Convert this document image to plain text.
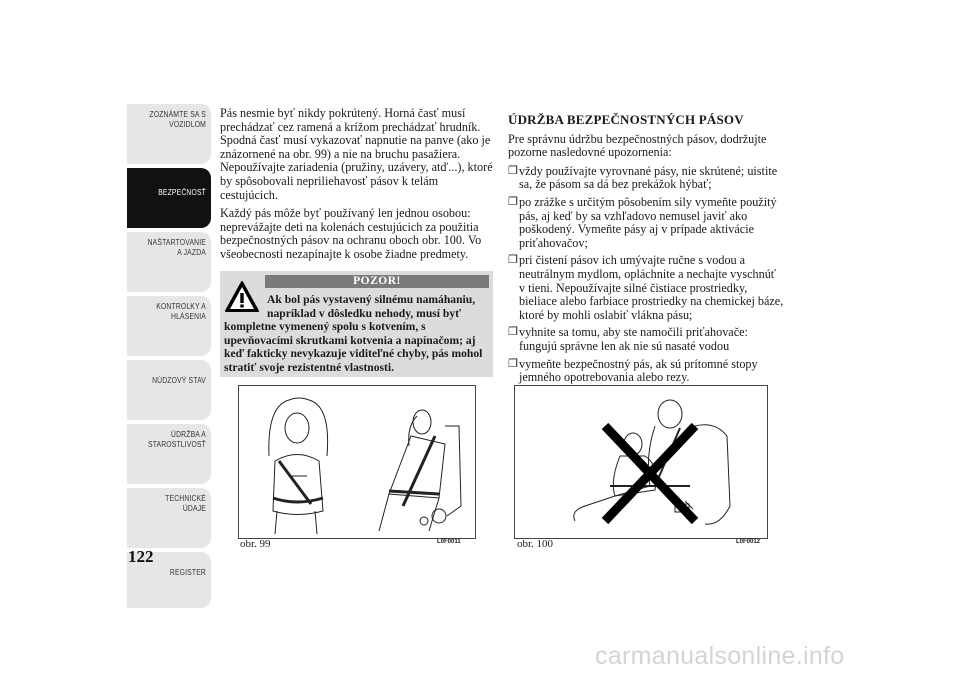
ZOZNÁMTE SA S
VOZIDLOM
BEZPEČNOSŤ
NAŠTARTOVANIE
A JAZDA
KONTROLKY A
HLÁSENIA
NÚDZOVÝ STAV
ÚDRŽBA A
STAROSTLIVOSŤ
TECHNICKÉ
ÚDAJE
REGISTER
122

Pás nesmie byť nikdy pokrútený. Horná časť musí prechádzať cez ramená a krížom prechádzať hrudník. Spodná časť musí vykazovať napnutie na panve (ako je znázornené na obr. 99) a nie na bruchu pasažiera. Nepoužívajte zariadenia (pružiny, uzávery, atď...), ktoré by spôsobovali nepriliehavosť pásov k telám cestujúcich.

Každý pás môže byť používaný len jednou osobou: neprevážajte deti na kolenách cestujúcich za použitia bezpečnostných pásov na ochranu oboch obr. 100. Vo všeobecnosti nezapínajte k osobe žiadne predmety.

POZOR!
Ak bol pás vystavený silnému namáhaniu, napríklad v dôsledku nehody, musí byť
kompletne vymenený spolu s kotvením, s upevňovacími skrutkami kotvenia a napínačom; aj keď fakticky nevykazuje viditeľné chyby, pás mohol stratiť svoje rezistentné vlastnosti.
obr. 99	L0F0011	obr. 100	L0F0012
ÚDRŽBA BEZPEČNOSTNÝCH PÁSOV

Pre správnu údržbu bezpečnostných pásov, dodržujte pozorne nasledovné upozornenia:

❒ vždy používajte vyrovnané pásy, nie skrútené; uistite sa, že pásom sa dá bez prekážok hýbať;
❒ po zrážke s určitým pôsobením sily vymeňte použitý pás, aj keď by sa vzhľadovo nemusel javiť ako poškodený. Vymeňte pásy aj v prípade aktivácie priťahovačov;
❒ pri čistení pásov ich umývajte ručne s vodou a neutrálnym mydlom, opláchnite a nechajte vyschnúť v tieni. Nepoužívajte silné čistiace prostriedky, bieliace alebo farbiace prostriedky na chemickej báze, ktoré by mohli oslabiť vlákna pásu;
❒ vyhnite sa tomu, aby ste namočili priťahovače: fungujú správne len ak nie sú nasaté vodou
❒ vymeňte bezpečnostný pás, ak sú prítomné stopy jemného opotrebovania alebo rezy.
carmanualsonline.info
